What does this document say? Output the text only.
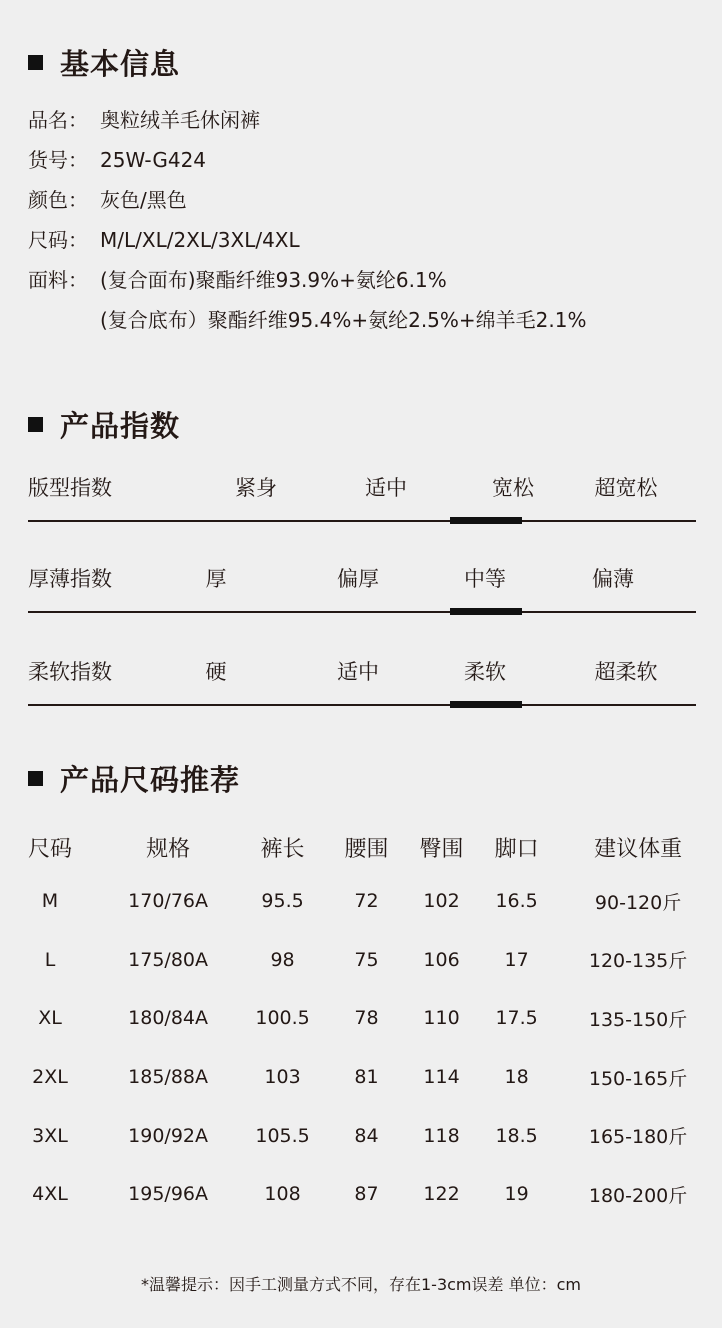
基本信息
品名： 奥粒绒羊毛休闲裤
货号： 25W-G424
颜色： 灰色/黑色
尺码： M/L/XL/2XL/3XL/4XL
面料： (复合面布)聚酯纤维93.9%+氨纶6.1%
(复合底布）聚酯纤维95.4%+氨纶2.5%+绵羊毛2.1%
产品指数
版型指数	紧身	适中	宽松	超宽松
厚薄指数	厚	偏厚	中等	偏薄
柔软指数	硬	适中	柔软	超柔软
产品尺码推荐
尺码	规格	裤长	腰围	臀围	脚口	建议体重
M	170/76A	95.5	72	102	16.5	90-120斤
L	175/80A	98	75	106	17	120-135斤
XL	180/84A	100.5	78	110	17.5	135-150斤
2XL	185/88A	103	81	114	18	150-165斤
3XL	190/92A	105.5	84	118	18.5	165-180斤
4XL	195/96A	108	87	122	19	180-200斤
*温馨提示：因手工测量方式不同，存在1-3cm误差 单位：cm
